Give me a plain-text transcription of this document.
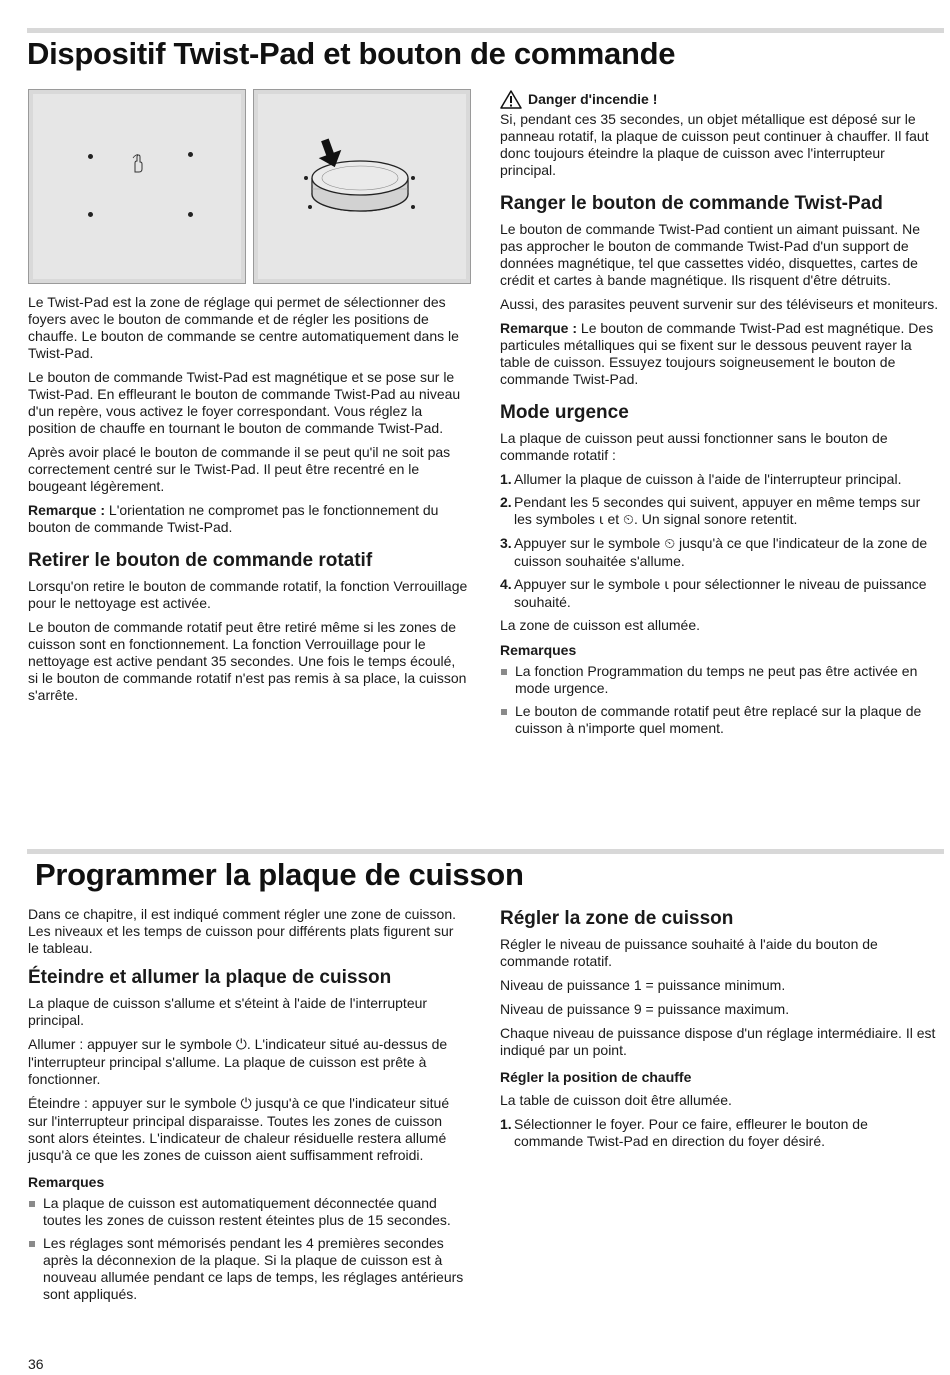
Dispositif Twist-Pad et bouton de commande

Le Twist-Pad est la zone de réglage qui permet de sélectionner des foyers avec le bouton de commande et de régler les positions de chauffe. Le bouton de commande se centre automatiquement dans le Twist-Pad.

Le bouton de commande Twist-Pad est magnétique et se pose sur le Twist-Pad. En effleurant le bouton de commande Twist-Pad au niveau d'un repère, vous activez le foyer correspondant. Vous réglez la position de chauffe en tournant le bouton de commande Twist-Pad.

Après avoir placé le bouton de commande il se peut qu'il ne soit pas correctement centré sur le Twist-Pad. Il peut être recentré en le bougeant légèrement.

Remarque : L'orientation ne compromet pas le fonctionnement du bouton de commande Twist-Pad.

Retirer le bouton de commande rotatif

Lorsqu'on retire le bouton de commande rotatif, la fonction Verrouillage pour le nettoyage est activée.

Le bouton de commande rotatif peut être retiré même si les zones de cuisson sont en fonctionnement. La fonction Verrouillage pour le nettoyage est active pendant 35 secondes. Une fois le temps écoulé, si le bouton de commande rotatif n'est pas remis à sa place, la cuisson s'arrête.

Danger d'incendie !

Si, pendant ces 35 secondes, un objet métallique est déposé sur le panneau rotatif, la plaque de cuisson peut continuer à chauffer. Il faut donc toujours éteindre la plaque de cuisson avec l'interrupteur principal.

Ranger le bouton de commande Twist-Pad

Le bouton de commande Twist-Pad contient un aimant puissant. Ne pas approcher le bouton de commande Twist-Pad d'un support de données magnétique, tel que cassettes vidéo, disquettes, cartes de crédit et cartes à bande magnétique. Ils risquent d'être détruits.

Aussi, des parasites peuvent survenir sur des téléviseurs et moniteurs.

Remarque : Le bouton de commande Twist-Pad est magnétique. Des particules métalliques qui se fixent sur le dessous peuvent rayer la table de cuisson. Essuyez toujours soigneusement le bouton de commande Twist-Pad.

Mode urgence

La plaque de cuisson peut aussi fonctionner sans le bouton de commande rotatif :

1. Allumer la plaque de cuisson à l'aide de l'interrupteur principal.
2. Pendant les 5 secondes qui suivent, appuyer en même temps sur les symboles ⍳ et ⏲. Un signal sonore retentit.
3. Appuyer sur le symbole ⏲ jusqu'à ce que l'indicateur de la zone de cuisson souhaitée s'allume.
4. Appuyer sur le symbole ⍳ pour sélectionner le niveau de puissance souhaité.

La zone de cuisson est allumée.

Remarques
La fonction Programmation du temps ne peut pas être activée en mode urgence.
Le bouton de commande rotatif peut être replacé sur la plaque de cuisson à n'importe quel moment.
Programmer la plaque de cuisson

Dans ce chapitre, il est indiqué comment régler une zone de cuisson. Les niveaux et les temps de cuisson pour différents plats figurent sur le tableau.

Éteindre et allumer la plaque de cuisson

La plaque de cuisson s'allume et s'éteint à l'aide de l'interrupteur principal.

Allumer : appuyer sur le symbole ⏻. L'indicateur situé au-dessus de l'interrupteur principal s'allume. La plaque de cuisson est prête à fonctionner.

Éteindre : appuyer sur le symbole ⏻ jusqu'à ce que l'indicateur situé sur l'interrupteur principal disparaisse. Toutes les zones de cuisson sont alors éteintes. L'indicateur de chaleur résiduelle restera allumé jusqu'à ce que les zones de cuisson aient suffisamment refroidi.

Remarques
La plaque de cuisson est automatiquement déconnectée quand toutes les zones de cuisson restent éteintes plus de 15 secondes.
Les réglages sont mémorisés pendant les 4 premières secondes après la déconnexion de la plaque. Si la plaque de cuisson est à nouveau allumée pendant ce laps de temps, les réglages antérieurs sont appliqués.
Régler la zone de cuisson

Régler le niveau de puissance souhaité à l'aide du bouton de commande rotatif.

Niveau de puissance 1 = puissance minimum.

Niveau de puissance 9 = puissance maximum.

Chaque niveau de puissance dispose d'un réglage intermédiaire. Il est indiqué par un point.

Régler la position de chauffe

La table de cuisson doit être allumée.

1. Sélectionner le foyer. Pour ce faire, effleurer le bouton de commande Twist-Pad en direction du foyer désiré.
36
